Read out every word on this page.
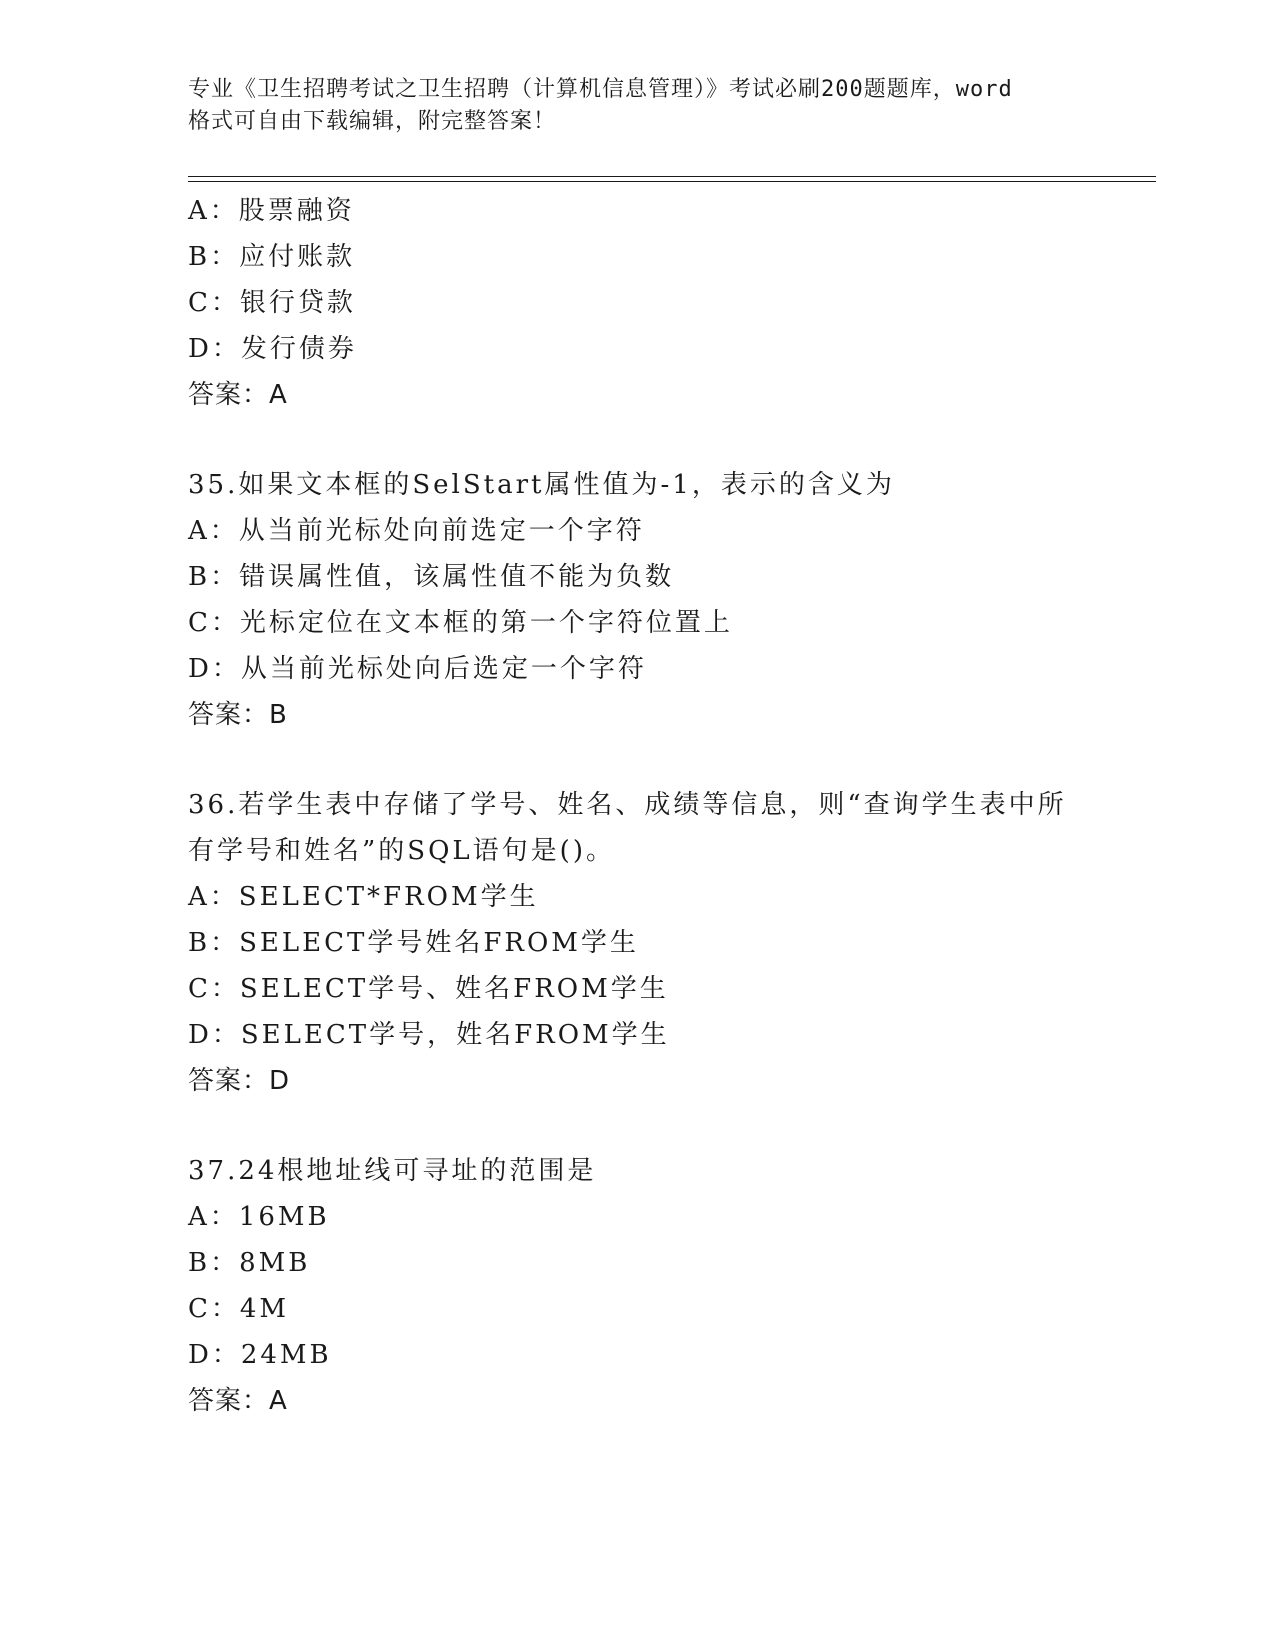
专业《卫生招聘考试之卫生招聘（计算机信息管理）》考试必刷200题题库，word
格式可自由下载编辑，附完整答案！
A：股票融资
B：应付账款
C：银行贷款
D：发行债券
答案：A
35.如果文本框的SelStart属性值为-1，表示的含义为
A：从当前光标处向前选定一个字符
B：错误属性值，该属性值不能为负数
C：光标定位在文本框的第一个字符位置上
D：从当前光标处向后选定一个字符
答案：B
36.若学生表中存储了学号、姓名、成绩等信息，则“查询学生表中所
有学号和姓名”的SQL语句是()。
A：SELECT*FROM学生
B：SELECT学号姓名FROM学生
C：SELECT学号、姓名FROM学生
D：SELECT学号，姓名FROM学生
答案：D
37.24根地址线可寻址的范围是
A：16MB
B：8MB
C：4M
D：24MB
答案：A
